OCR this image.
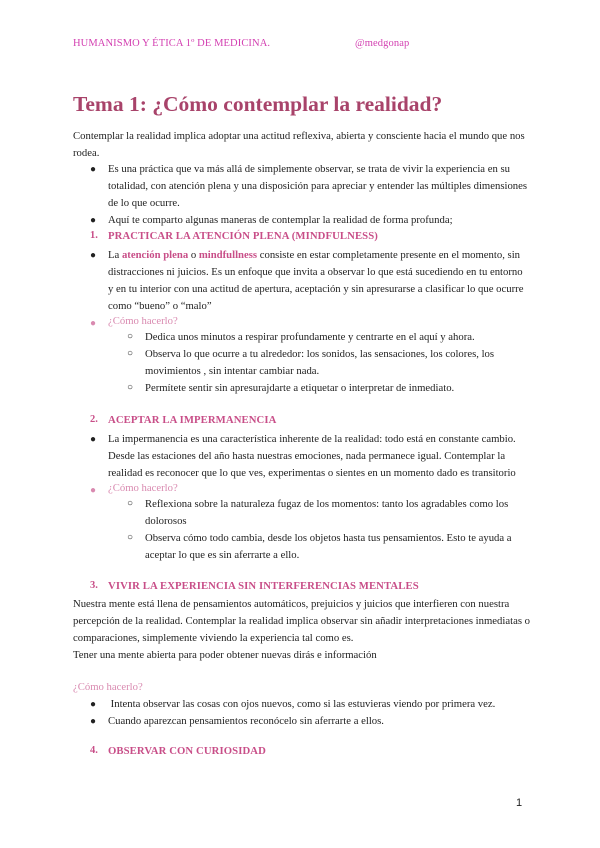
HUMANISMO Y ÉTICA 1º DE MEDICINA.	@medgonap
Tema 1: ¿Cómo contemplar la realidad?

Contemplar la realidad implica adoptar una actitud reflexiva, abierta y consciente hacia el mundo que nos rodea.

● Es una práctica que va más allá de simplemente observar, se trata de vivir la experiencia en su totalidad, con atención plena y una disposición para apreciar y entender las múltiples dimensiones de lo que ocurre.

● Aquí te comparto algunas maneras de contemplar la realidad de forma profunda;

1. PRACTICAR LA ATENCIÓN PLENA (MINDFULNESS)
● La atención plena o mindfullness consiste en estar completamente presente en el momento, sin distracciones ni juicios. Es un enfoque que invita a observar lo que está sucediendo en tu entorno y en tu interior con una actitud de apertura, aceptación y sin apresurarse a clasificar lo que ocurre como “bueno” o “malo”

● ¿Cómo hacerlo?
○ Dedica unos minutos a respirar profundamente y centrarte en el aquí y ahora.

○ Observa lo que ocurre a tu alrededor: los sonidos, las sensaciones, los colores, los movimientos , sin intentar cambiar nada.

○ Permítete sentir sin apresurajdarte a etiquetar o interpretar de inmediato.

2. ACEPTAR LA IMPERMANENCIA
● La impermanencia es una característica inherente de la realidad: todo está en constante cambio. Desde las estaciones del año hasta nuestras emociones, nada permanece igual. Contemplar la realidad es reconocer que lo que ves, experimentas o sientes en un momento dado es transitorio

● ¿Cómo hacerlo?
○ Reflexiona sobre la naturaleza fugaz de los momentos: tanto los agradables como los dolorosos

○ Observa cómo todo cambia, desde los objetos hasta tus pensamientos. Esto te ayuda a aceptar lo que es sin aferrarte a ello.

3. VIVIR LA EXPERIENCIA SIN INTERFERENCIAS MENTALES

Nuestra mente está llena de pensamientos automáticos, prejuicios y juicios que interfieren con nuestra percepción de la realidad. Contemplar la realidad implica observar sin añadir interpretaciones inmediatas o comparaciones, simplemente viviendo la experiencia tal como es.

Tener una mente abierta para poder obtener nuevas dirás e información

¿Cómo hacerlo?
● Intenta observar las cosas con ojos nuevos, como si las estuvieras viendo por primera vez.

● Cuando aparezcan pensamientos reconócelo sin aferrarte a ellos.

4. OBSERVAR CON CURIOSIDAD
1
